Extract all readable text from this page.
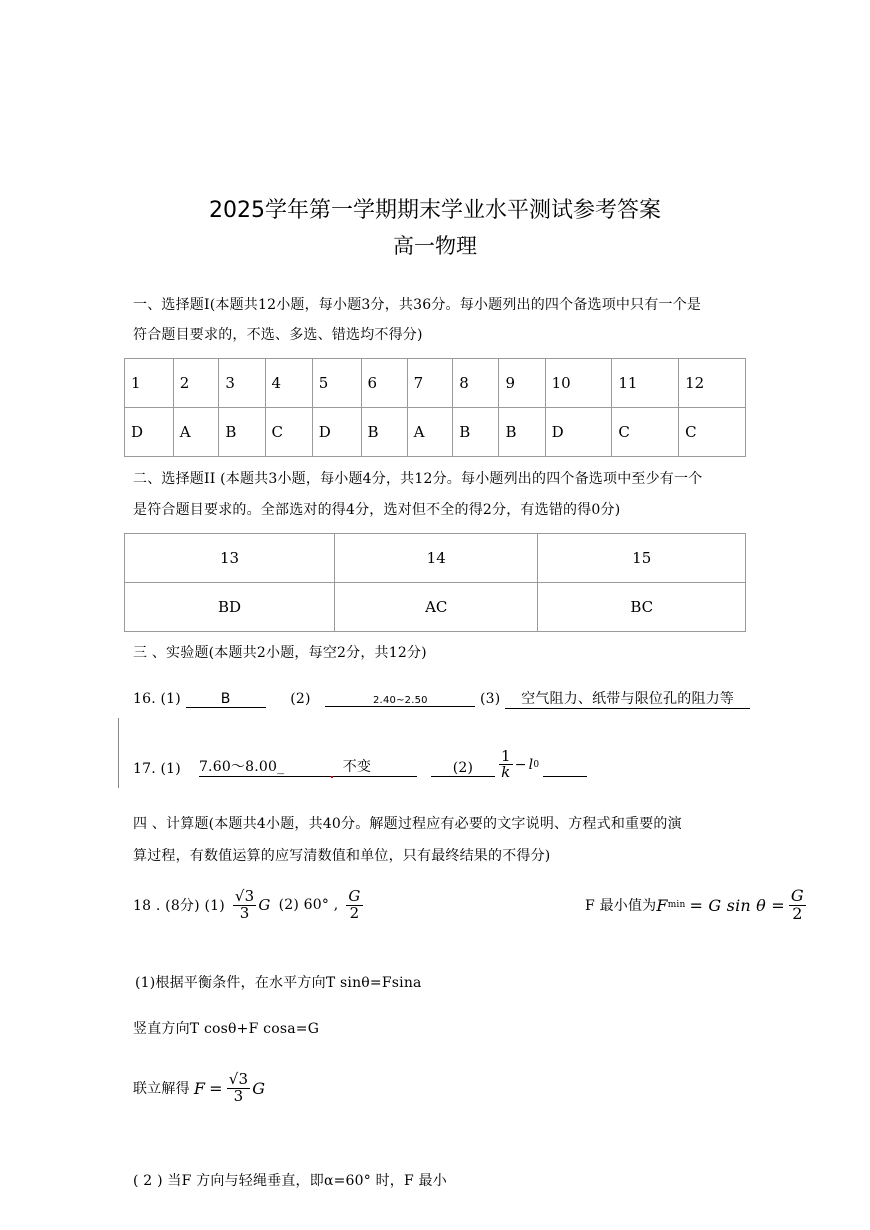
2025学年第一学期期末学业水平测试参考答案
高一物理
一、选择题I(本题共12小题，每小题3分，共36分。每小题列出的四个备选项中只有一个是
符合题目要求的，不选、多选、错选均不得分)
1	2	3	4	5	6	7	8	9	10	11	12
D	A	B	C	D	B	A	B	B	D	C	C
二、选择题II (本题共3小题，每小题4分，共12分。每小题列出的四个备选项中至少有一个
是符合题目要求的。全部选对的得4分，选对但不全的得2分，有选错的得0分)
13	14	15
BD	AC	BC
三 、实验题(本题共2小题，每空2分，共12分)
16. (1)	B	(2)	2.40~2.50	(3) 空气阻力、纸带与限位孔的阻力等
17. (1) 7.60～8.00_	不变	(2)	$\frac{1}{k} - l$ 0

四 、计算题(本题共4小题，共40分。解题过程应有必要的文字说明、方程式和重要的演
算过程，有数值运算的应写清数值和单位，只有最终结果的不得分)
18 . (8分) $(1) \frac{√3}{3}$ G (2) 60° , $\frac{G}{2}$	F 最小值为 F min = G $\sin \theta = \frac{G}{2}$
(1)根据平衡条件，在水平方向T sinθ=Fsina
竖直方向T cosθ+F cosa=G
联立解得 $F = \frac{√3}{3}$ G
( 2 ) 当F 方向与轻绳垂直，即α=60° 时，F 最小
